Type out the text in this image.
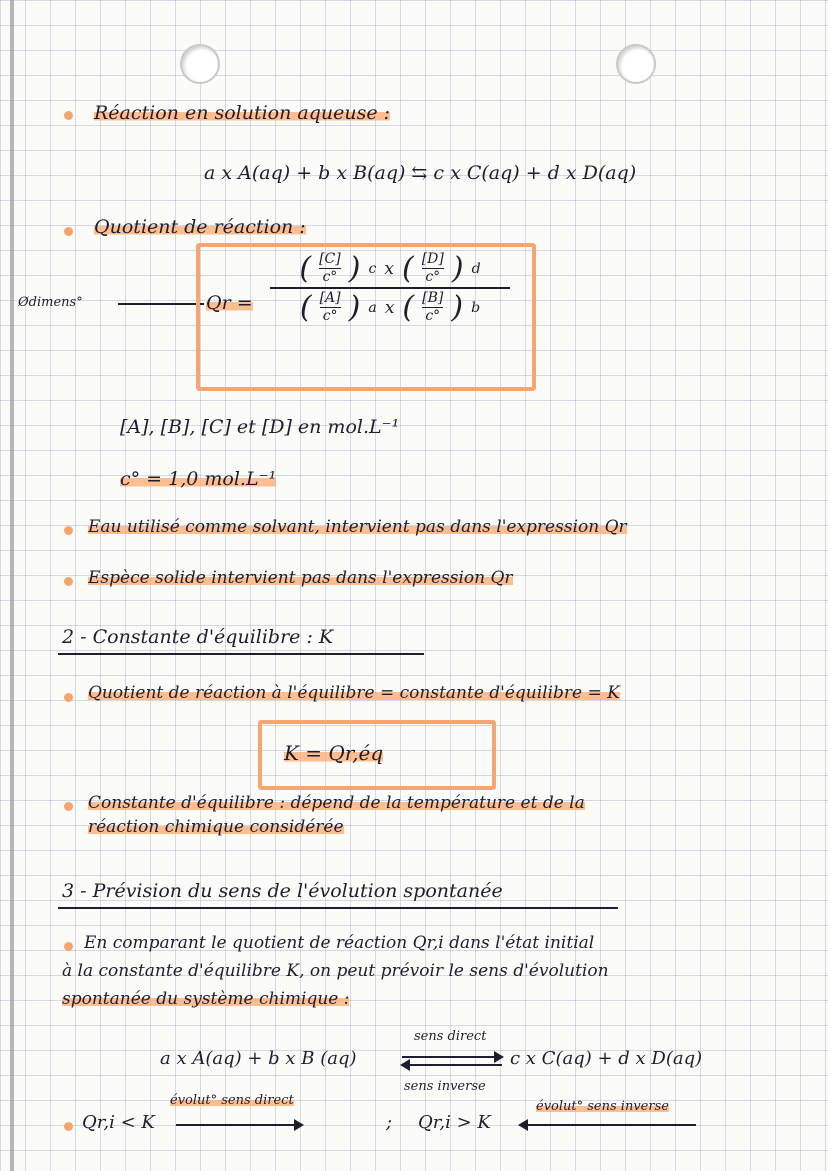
Réaction en solution aqueuse :
a x A(aq) + b x B(aq) ⇆ c x C(aq) + d x D(aq)
Quotient de réaction :
Ødimens°	Qr =
( [C]
c° ) c x ( [D]
c° ) d
( [A]
c° ) a x ( [B]
c° ) b
[A], [B], [C] et [D] en mol.L⁻¹
c° = 1,0 mol.L⁻¹
Eau utilisé comme solvant, intervient pas dans l'expression Qr
Espèce solide intervient pas dans l'expression Qr
2 - Constante d'équilibre : K
Quotient de réaction à l'équilibre = constante d'équilibre = K
K = Qr,éq
Constante d'équilibre : dépend de la température et de la
réaction chimique considérée
3 - Prévision du sens de l'évolution spontanée
En comparant le quotient de réaction Qr,i dans l'état initial
à la constante d'équilibre K, on peut prévoir le sens d'évolution
spontanée du système chimique :
sens direct
a x A(aq) + b x B (aq)	c x C(aq) + d x D(aq)
sens inverse
évolut° sens direct	évolut° sens inverse
Qr,i < K	; Qr,i > K
